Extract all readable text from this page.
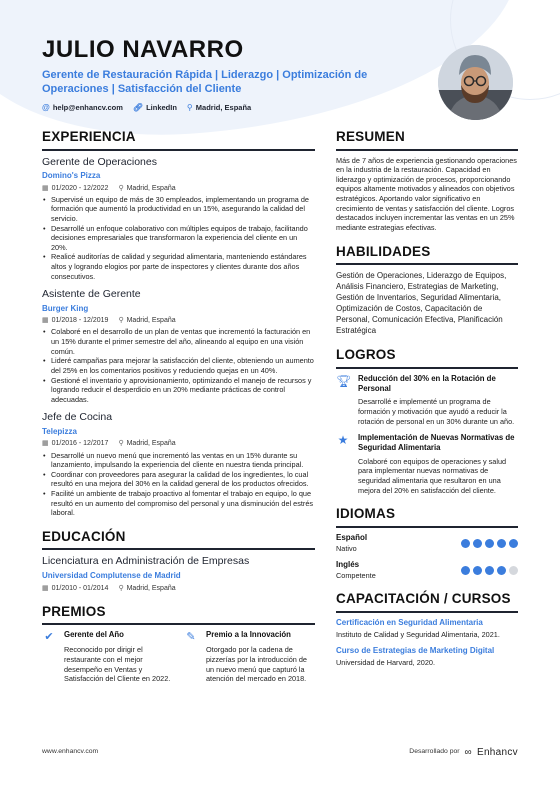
JULIO NAVARRO
Gerente de Restauración Rápida | Liderazgo | Optimización de Operaciones | Satisfacción del Cliente
@ help@enhancv.com 🔗︎ LinkedIn ⚲ Madrid, España
EXPERIENCIA
Gerente de Operaciones
Domino's Pizza
▦ 01/2020 - 12/2022 ⚲ Madrid, España
• Supervisé un equipo de más de 30 empleados, implementando un programa de formación que aumentó la productividad en un 15%, asegurando la calidad del servicio.
• Desarrollé un enfoque colaborativo con múltiples equipos de trabajo, facilitando decisiones empresariales que transformaron la experiencia del cliente en un 20%.
• Realicé auditorías de calidad y seguridad alimentaria, manteniendo estándares altos y logrando elogios por parte de inspectores y clientes durante dos años consecutivos.
Asistente de Gerente
Burger King
▦ 01/2018 - 12/2019 ⚲ Madrid, España
• Colaboré en el desarrollo de un plan de ventas que incrementó la facturación en un 15% durante el primer semestre del año, alineando al equipo en una visión común.
• Lideré campañas para mejorar la satisfacción del cliente, obteniendo un aumento del 25% en los comentarios positivos y reduciendo quejas en un 40%.
• Gestioné el inventario y aprovisionamiento, optimizando el manejo de recursos y logrando reducir el desperdicio en un 20% mediante prácticas de control adecuadas.
Jefe de Cocina
Telepizza
▦ 01/2016 - 12/2017 ⚲ Madrid, España
• Desarrollé un nuevo menú que incrementó las ventas en un 15% durante su lanzamiento, impulsando la experiencia del cliente en nuestra tienda principal.
• Coordinar con proveedores para asegurar la calidad de los ingredientes, lo cual resultó en una mejora del 30% en la calidad general de los productos ofrecidos.
• Facilité un ambiente de trabajo proactivo al fomentar el trabajo en equipo, lo que resultó en un aumento del compromiso del personal y una disminución del estrés laboral.
EDUCACIÓN
Licenciatura en Administración de Empresas
Universidad Complutense de Madrid
▦ 01/2010 - 01/2014 ⚲ Madrid, España
PREMIOS
✔	Gerente del Año
Reconocido por dirigir el restaurante con el mejor desempeño en Ventas y Satisfacción del Cliente en 2022.
✎	Premio a la Innovación
Otorgado por la cadena de pizzerías por la introducción de un nuevo menú que capturó la atención del mercado en 2018.
RESUMEN
Más de 7 años de experiencia gestionando operaciones en la industria de la restauración. Capacidad en liderazgo y optimización de procesos, proporcionando equipos altamente motivados y alineados con objetivos estratégicos. Aportando valor significativo en crecimiento de ventas y satisfacción del cliente. Logros destacados incluyen incrementar las ventas en un 25% mediante estrategias efectivas.
HABILIDADES
Gestión de Operaciones, Liderazgo de Equipos, Análisis Financiero, Estrategias de Marketing, Gestión de Inventarios, Seguridad Alimentaria, Optimización de Costos, Capacitación de Personal, Comunicación Efectiva, Planificación Estratégica
LOGROS
🏆︎ Reducción del 30% en la Rotación de Personal
Desarrollé e implementé un programa de formación y motivación que ayudó a reducir la rotación de personal en un 30% durante un año.
★ Implementación de Nuevas Normativas de Seguridad Alimentaria
Colaboré con equipos de operaciones y salud para implementar nuevas normativas de seguridad alimentaria que resultaron en una mejora del 20% en satisfacción del cliente.
IDIOMAS
Español
Nativo
Inglés
Competente
CAPACITACIÓN / CURSOS
Certificación en Seguridad Alimentaria
Instituto de Calidad y Seguridad Alimentaria, 2021.
Curso de Estrategias de Marketing Digital
Universidad de Harvard, 2020.
www.enhancv.com	Desarrollado por ∞ Enhancv
